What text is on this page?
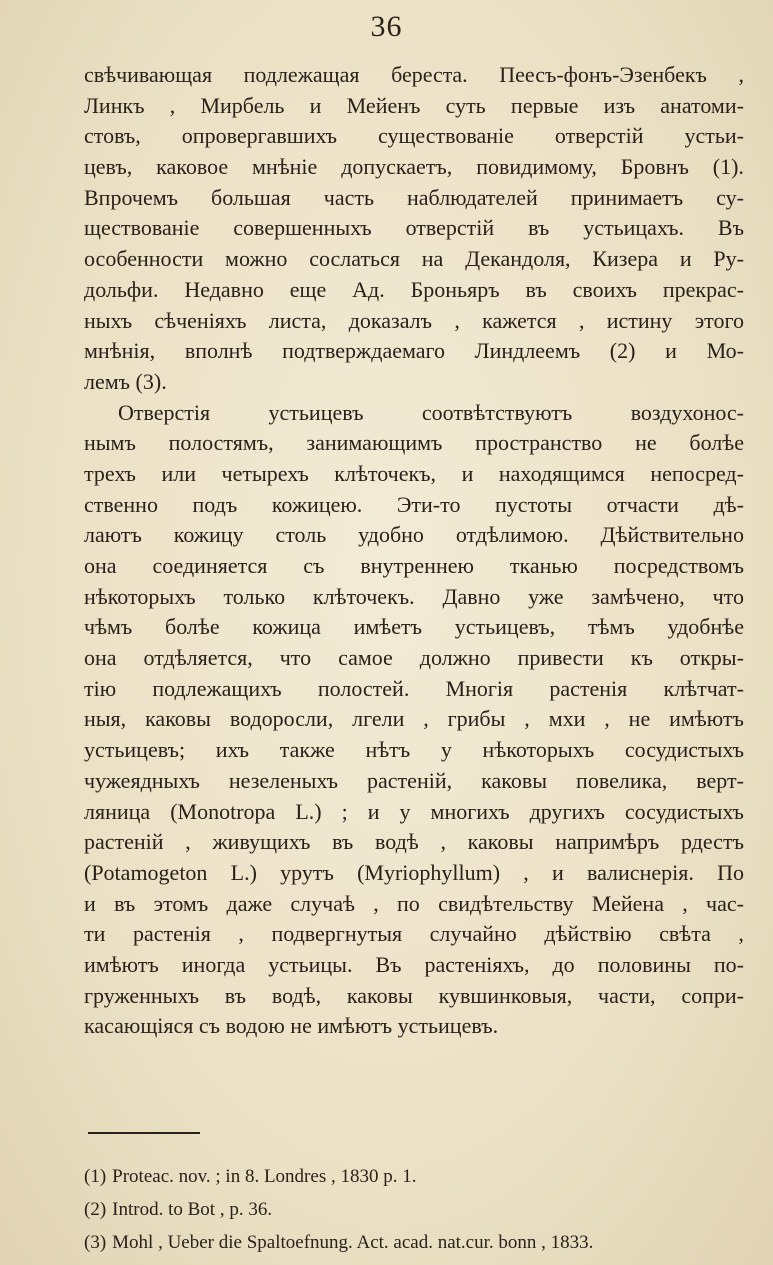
36
свѣчивающая подлежащая берестa. Пеесъ-фонъ-Эзенбекъ ,
Линкъ , Мирбель и Мейенъ суть первые изъ анатоми-
стовъ, опровергавшихъ существованіе отверстій устьи-
цевъ, каковое мнѣніе допускаетъ, повидимому, Бровнъ (1).
Впрочемъ большая часть наблюдателей принимаетъ су-
ществованіе совершенныхъ отверстій въ устьицахъ. Въ
особенности можно сослаться на Декандоля, Кизера и Ру-
дольфи. Недавно еще Ад. Броньяръ въ своихъ прекрас-
ныхъ сѣченіяхъ листа, доказалъ , кажется , истину этого
мнѣнія, вполнѣ подтверждаемаго Линдлеемъ (2) и Мо-
лемъ (3).
Отверстія	устьицевъ	соотвѣтствуютъ	воздухонос-
нымъ полостямъ, занимающимъ пространство не болѣе
трехъ или четырехъ клѣточекъ, и находящимся непосред-
ственно подъ кожицею. Эти-то пустоты отчасти дѣ-
лаютъ кожицу столь удобно отдѣлимою. Дѣйствительно
она соединяется съ внутреннею тканью посредствомъ
нѣкоторыхъ только клѣточекъ. Давно уже замѣчено, что
чѣмъ болѣе кожица имѣетъ устьицевъ, тѣмъ удобнѣе
она отдѣляется, что самое должно привести къ откры-
тію подлежащихъ полостей. Многія растенія клѣтчат-
ныя, каковы водоросли, лгели , грибы , мхи , не имѣютъ
устьицевъ; ихъ также нѣтъ у нѣкоторыхъ сосудистыхъ
чужеядныхъ незеленыхъ растеній, каковы повелика, верт-
ляница (Monotropa L.) ; и у многихъ другихъ сосудистыхъ
растеній , живущихъ въ водѣ , каковы напримѣръ рдестъ
(Potamogeton L.) урутъ (Myriophyllum) , и валиснерія. По
и въ этомъ даже случаѣ , по свидѣтельству Мейена , час-
ти растенія , подвергнутыя случайно дѣйствію свѣта ,
имѣютъ иногда устьицы. Въ растеніяхъ, до половины по-
груженныхъ въ водѣ, каковы кувшинковыя, части, сопри-
касающіяся съ водою не имѣютъ устьицевъ.
(1) Proteac. nov. ; in 8. Londres , 1830 p. 1.
(2) Introd. to Bot , p. 36.
(3) Mohl , Ueber die Spaltoefnung. Act. acad. nat.cur. bonn , 1833.
